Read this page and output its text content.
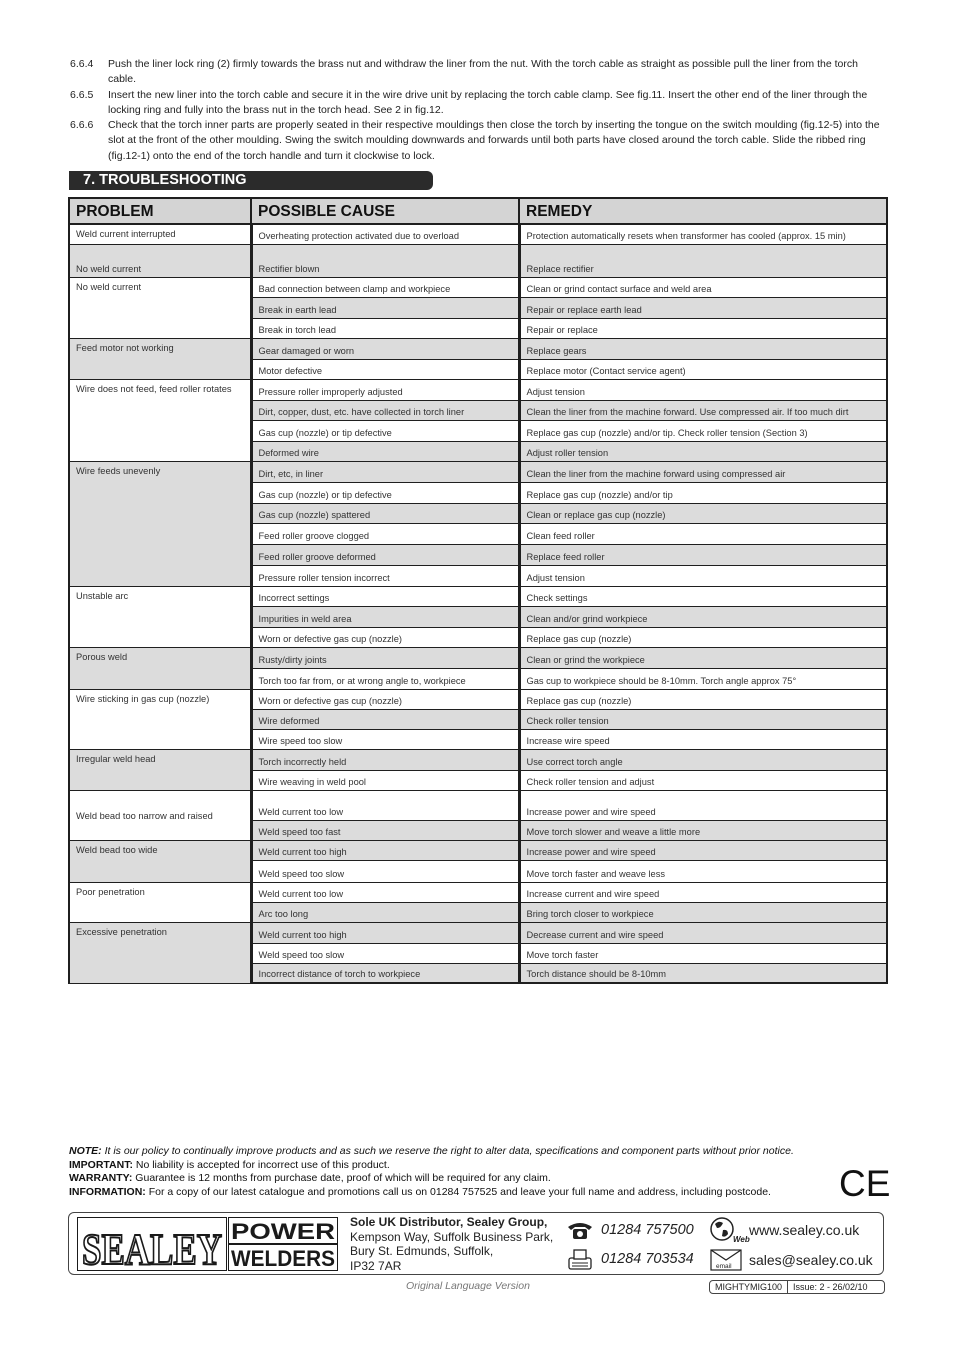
6.6.4	Push the liner lock ring (2) firmly towards the brass nut and withdraw the liner from the nut. With the torch cable as straight as possible pull the liner from the torch cable.
6.6.5	Insert the new liner into the torch cable and secure it in the wire drive unit by replacing the torch cable clamp. See fig.11. Insert the other end of the liner through the locking ring and fully into the brass nut in the torch head. See 2 in fig.12.
6.6.6	Check that the torch inner parts are properly seated in their respective mouldings then close the torch by inserting the tongue on the switch moulding (fig.12-5) into the slot at the front of the other moulding. Swing the switch moulding downwards and forwards until both parts have closed around the torch cable. Slide the ribbed ring (fig.12-1) onto the end of the torch handle and turn it clockwise to lock.
7. TROUBLESHOOTING
PROBLEM	POSSIBLE CAUSE	REMEDY
Weld current interrupted	Overheating protection activated due to overload	Protection automatically resets when transformer has cooled (approx. 15 min)
No weld current	Rectifier blown	Replace rectifier
No weld current	Bad connection between clamp and workpiece	Clean or grind contact surface and weld area
	Break in earth lead	Repair or replace earth lead
	Break in torch lead	Repair or replace
Feed motor not working	Gear damaged or worn	Replace gears
	Motor defective	Replace motor (Contact service agent)
Wire does not feed, feed roller rotates	Pressure roller improperly adjusted	Adjust tension
	Dirt, copper, dust, etc. have collected in torch liner	Clean the liner from the machine forward. Use compressed air. If too much dirt
	Gas cup (nozzle) or tip defective	Replace gas cup (nozzle) and/or tip. Check roller tension (Section 3)
	Deformed wire	Adjust roller tension
Wire feeds unevenly	Dirt, etc, in liner	Clean the liner from the machine forward using compressed air
	Gas cup (nozzle) or tip defective	Replace gas cup (nozzle) and/or tip
	Gas cup (nozzle) spattered	Clean or replace gas cup (nozzle)
	Feed roller groove clogged	Clean feed roller
	Feed roller groove deformed	Replace feed roller
	Pressure roller tension incorrect	Adjust tension
Unstable arc	Incorrect settings	Check settings
	Impurities in weld area	Clean and/or grind workpiece
	Worn or defective gas cup (nozzle)	Replace gas cup (nozzle)
Porous weld	Rusty/dirty joints	Clean or grind the workpiece
	Torch too far from, or at wrong angle to, workpiece	Gas cup to workpiece should be 8-10mm. Torch angle approx 75°
Wire sticking in gas cup (nozzle)	Worn or defective gas cup (nozzle)	Replace gas cup (nozzle)
	Wire deformed	Check roller tension
	Wire speed too slow	Increase wire speed
Irregular weld head	Torch incorrectly held	Use correct torch angle
	Wire weaving in weld pool	Check roller tension and adjust
Weld bead too narrow and raised	Weld current too low	Increase power and wire speed
	Weld speed too fast	Move torch slower and weave a little more
Weld bead too wide	Weld current too high	Increase power and wire speed
	Weld speed too slow	Move torch faster and weave less
Poor penetration	Weld current too low	Increase current and wire speed
	Arc too long	Bring torch closer to workpiece
Excessive penetration	Weld current too high	Decrease current and wire speed
	Weld speed too slow	Move torch faster
	Incorrect distance of torch to workpiece	Torch distance should be 8-10mm
NOTE: It is our policy to continually improve products and as such we reserve the right to alter data, specifications and component parts without prior notice.
IMPORTANT: No liability is accepted for incorrect use of this product.
WARRANTY: Guarantee is 12 months from purchase date, proof of which will be required for any claim.
INFORMATION: For a copy of our latest catalogue and promotions call us on 01284 757525 and leave your full name and address, including postcode.	CE
SEALEY POWER
WELDERS
Sole UK Distributor, Sealey Group,
Kempson Way, Suffolk Business Park,
Bury St. Edmunds, Suffolk,
IP32 7AR
01284 757500
01284 703534
Web
www.sealey.co.uk
email sales@sealey.co.uk
Original Language Version	MIGHTYMIG100	Issue: 2 - 26/02/10
